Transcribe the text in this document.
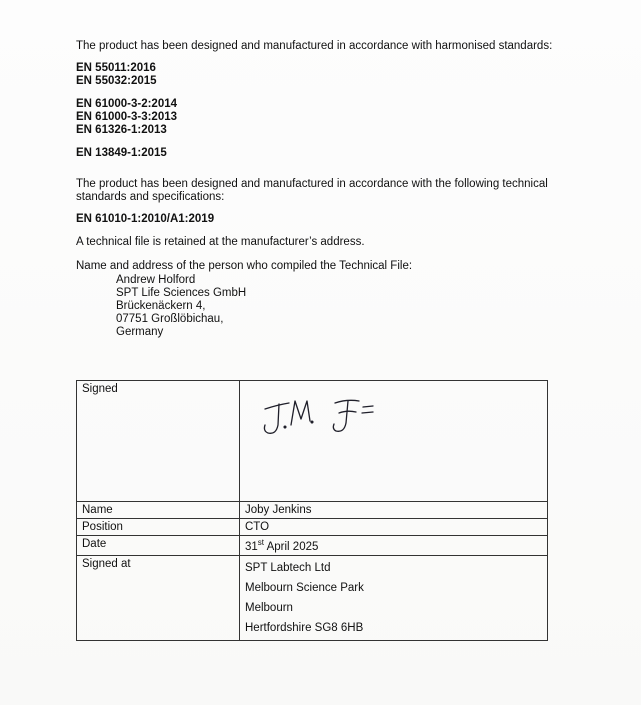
The product has been designed and manufactured in accordance with harmonised standards:
EN 55011:2016
EN 55032:2015
EN 61000-3-2:2014
EN 61000-3-3:2013
EN 61326-1:2013
EN 13849-1:2015
The product has been designed and manufactured in accordance with the following technical standards and specifications:
EN 61010-1:2010/A1:2019
A technical file is retained at the manufacturer’s address.
Name and address of the person who compiled the Technical File:
Andrew Holford
SPT Life Sciences GmbH
Brückenäckern 4,
07751 Großlöbichau,
Germany
Signed	

Name	Joby Jenkins
Position	CTO
Date	31st April 2025
Signed at	SPT Labtech Ltd
Melbourn Science Park
Melbourn
Hertfordshire SG8 6HB
